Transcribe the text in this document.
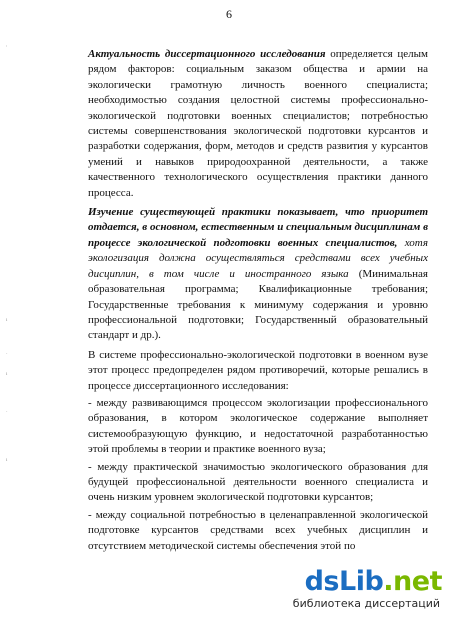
6
'
ı
·
ı
·
ı

Актуальность диссертационного исследования определяется целым рядом факторов: социальным заказом общества и армии на экологически грамотную личность военного специалиста; необходимостью создания целостной системы профессионально-экологической подготовки военных специалистов; потребностью системы совершенствования экологической подготовки курсантов и разработки содержания, форм, методов и средств развития у курсантов умений и навыков природоохранной деятельности, а также качественного технологического осуществления практики данного процесса.

Изучение существующей практики показывает, что приоритет отдается, в основном, естественным и специальным дисциплинам в процессе экологической подготовки военных специалистов, хотя экологизация должна осуществляться средствами всех учебных дисциплин, в том числе и иностранного языка (Минимальная образовательная программа; Квалификационные требования; Государственные требования к минимуму содержания и уровню профессиональной подготовки; Государственный образовательный стандарт и др.).

В системе профессионально-экологической подготовки в военном вузе этот процесс предопределен рядом противоречий, которые решались в процессе диссертационного исследования:

- между развивающимся процессом экологизации профессионального образования, в котором экологическое содержание выполняет системообразующую функцию, и недостаточной разработанностью этой проблемы в теории и практике военного вуза;

- между практической значимостью экологического образования для будущей профессиональной деятельности военного специалиста и очень низким уровнем экологической подготовки курсантов;

- между социальной потребностью в целенаправленной экологической подготовке курсантов средствами всех учебных дисциплин и отсутствием методической системы обеспечения этой по

dsLib.net
библиотека диссертаций
